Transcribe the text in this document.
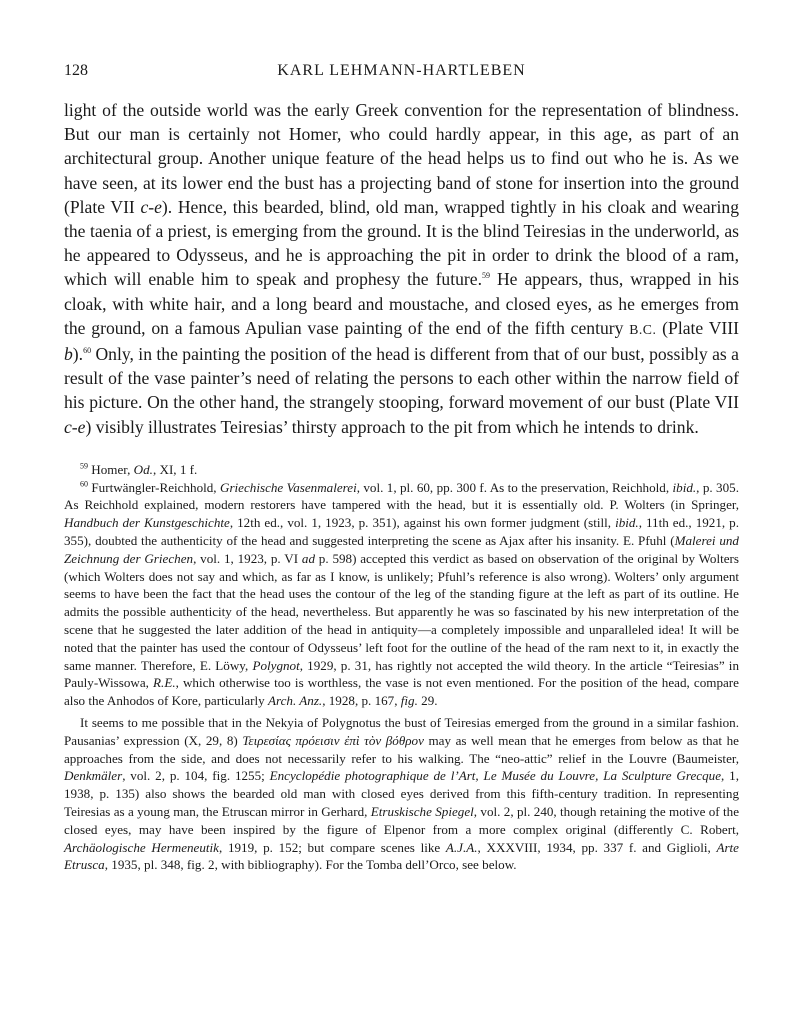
128	KARL LEHMANN-HARTLEBEN

light of the outside world was the early Greek convention for the representation of blindness. But our man is certainly not Homer, who could hardly appear, in this age, as part of an architectural group. Another unique feature of the head helps us to find out who he is. As we have seen, at its lower end the bust has a projecting band of stone for insertion into the ground (Plate VII c-e). Hence, this bearded, blind, old man, wrapped tightly in his cloak and wearing the taenia of a priest, is emerging from the ground. It is the blind Teiresias in the underworld, as he appeared to Odysseus, and he is approaching the pit in order to drink the blood of a ram, which will enable him to speak and prophesy the future.$^{59}$ He appears, thus, wrapped in his cloak, with white hair, and a long beard and moustache, and closed eyes, as he emerges from the ground, on a famous Apulian vase painting of the end of the fifth century B.C. (Plate VIII b).$^{60}$ Only, in the painting the position of the head is different from that of our bust, possibly as a result of the vase painter’s need of relating the persons to each other within the narrow field of his picture. On the other hand, the strangely stooping, forward movement of our bust (Plate VII c-e) visibly illustrates Teiresias’ thirsty approach to the pit from which he intends to drink.

$^{59}$ Homer, Od., XI, 1 f.

$^{60}$ Furtwängler-Reichhold, Griechische Vasenmalerei, vol. 1, pl. 60, pp. 300 f. As to the preservation, Reichhold, ibid., p. 305. As Reichhold explained, modern restorers have tampered with the head, but it is essentially old. P. Wolters (in Springer, Handbuch der Kunstgeschichte, 12th ed., vol. 1, 1923, p. 351), against his own former judgment (still, ibid., 11th ed., 1921, p. 355), doubted the authenticity of the head and suggested interpreting the scene as Ajax after his insanity. E. Pfuhl (Malerei und Zeichnung der Griechen, vol. 1, 1923, p. VI ad p. 598) accepted this verdict as based on observation of the original by Wolters (which Wolters does not say and which, as far as I know, is unlikely; Pfuhl’s reference is also wrong). Wolters’ only argument seems to have been the fact that the head uses the contour of the leg of the standing figure at the left as part of its outline. He admits the possible authenticity of the head, nevertheless. But apparently he was so fascinated by his new interpretation of the scene that he suggested the later addition of the head in antiquity—a completely impossible and unparalleled idea! It will be noted that the painter has used the contour of Odysseus’ left foot for the outline of the head of the ram next to it, in exactly the same manner. Therefore, E. Löwy, Polygnot, 1929, p. 31, has rightly not accepted the wild theory. In the article “Teiresias” in Pauly-Wissowa, R.E., which otherwise too is worthless, the vase is not even mentioned. For the position of the head, compare also the Anhodos of Kore, particularly Arch. Anz., 1928, p. 167, fig. 29.

It seems to me possible that in the Nekyia of Polygnotus the bust of Teiresias emerged from the ground in a similar fashion. Pausanias’ expression (X, 29, 8) Τειρεσίας πρόεισιν ἐπὶ τὸν βόθρον may as well mean that he emerges from below as that he approaches from the side, and does not necessarily refer to his walking. The “neo-attic” relief in the Louvre (Baumeister, Denkmäler, vol. 2, p. 104, fig. 1255; Encyclopédie photographique de l’Art, Le Musée du Louvre, La Sculpture Grecque, 1, 1938, p. 135) also shows the bearded old man with closed eyes derived from this fifth-century tradition. In representing Teiresias as a young man, the Etruscan mirror in Gerhard, Etruskische Spiegel, vol. 2, pl. 240, though retaining the motive of the closed eyes, may have been inspired by the figure of Elpenor from a more complex original (differently C. Robert, Archäologische Hermeneutik, 1919, p. 152; but compare scenes like A.J.A., XXXVIII, 1934, pp. 337 f. and Giglioli, Arte Etrusca, 1935, pl. 348, fig. 2, with bibliography). For the Tomba dell’Orco, see below.
